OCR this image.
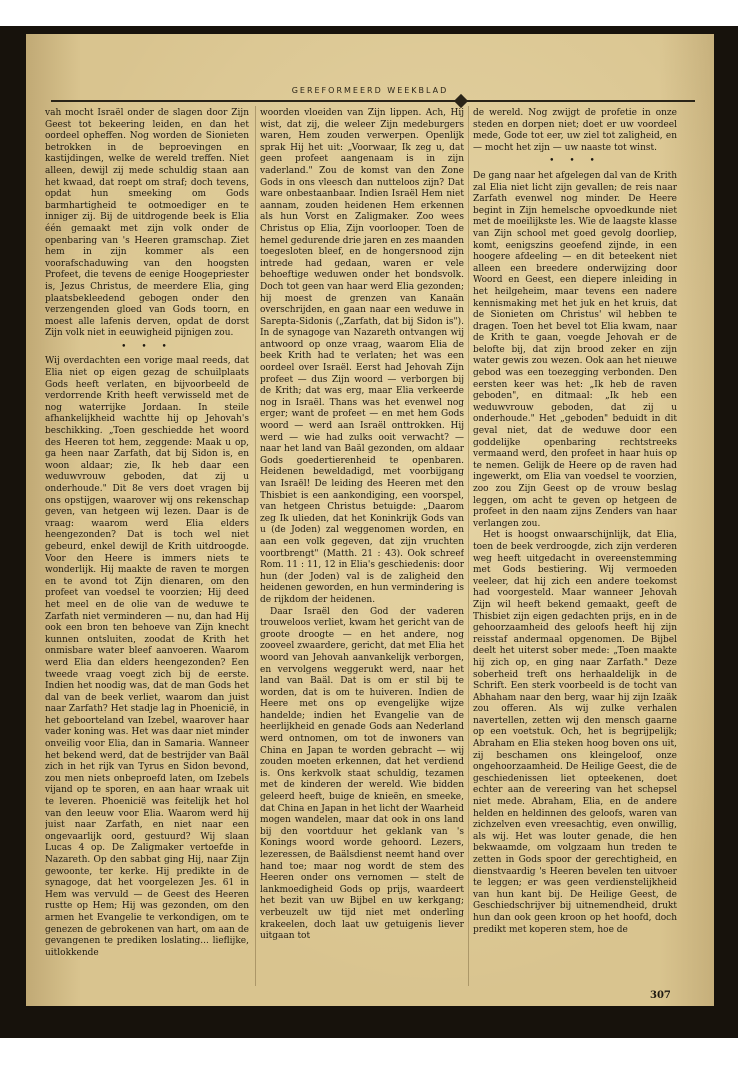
GEREFORMEERD WEEKBLAD

vah mocht Israël onder de slagen door Zijn Geest tot bekeering leiden, en dan het oordeel opheffen. Nog worden de Sionieten betrokken in de beproevingen en kastijdingen, welke de wereld treffen. Niet alleen, dewijl zij mede schuldig staan aan het kwaad, dat roept om straf; doch tevens, opdat hun smeeking om Gods barmhartigheid te ootmoediger en te inniger zij. Bij de uitdrogende beek is Elia één gemaakt met zijn volk onder de openbaring van 's Heeren gramschap. Ziet hem in zijn kommer als een voorafschaduwing van den hoogsten Profeet, die tevens de eenige Hoogepriester is, Jezus Christus, de meerdere Elia, ging plaatsbekleedend gebogen onder den verzengenden gloed van Gods toorn, en moest alle lafenis derven, opdat de dorst Zijn volk niet in eeuwigheid pijnigen zou.

• • •

Wij overdachten een vorige maal reeds, dat Elia niet op eigen gezag de schuilplaats Gods heeft verlaten, en bijvoorbeeld de verdorrende Krith heeft verwisseld met de nog waterrijke Jordaan. In steile afhankelijkheid wachtte hij op Jehovah's beschikking. „Toen geschiedde het woord des Heeren tot hem, zeggende: Maak u op, ga heen naar Zarfath, dat bij Sidon is, en woon aldaar; zie, Ik heb daar een weduwvrouw geboden, dat zij u onderhoude." Dit 8e vers doet vragen bij ons opstijgen, waarover wij ons rekenschap geven, van hetgeen wij lezen. Daar is de vraag: waarom werd Elia elders heengezonden? Dat is toch wel niet gebeurd, enkel dewijl de Krith uitdroogde. Voor den Heere is immers niets te wonderlijk. Hij maakte de raven te morgen en te avond tot Zijn dienaren, om den profeet van voedsel te voorzien; Hij deed het meel en de olie van de weduwe te Zarfath niet verminderen — nu, dan had Hij ook een bron ten behoeve van Zijn knecht kunnen ontsluiten, zoodat de Krith het onmisbare water bleef aanvoeren. Waarom werd Elia dan elders heengezonden? Een tweede vraag voegt zich bij de eerste. Indien het noodig was, dat de man Gods het dal van de beek verliet, waarom dan juist naar Zarfath? Het stadje lag in Phoenicië, in het geboorteland van Izebel, waarover haar vader koning was. Het was daar niet minder onveilig voor Elia, dan in Samaria. Wanneer het bekend werd, dat de bestrijder van Baäl zich in het rijk van Tyrus en Sidon bevond, zou men niets onbeproefd laten, om Izebels vijand op te sporen, en aan haar wraak uit te leveren. Phoenicië was feitelijk het hol van den leeuw voor Elia. Waarom werd hij juist naar Zarfath, en niet naar een ongevaarlijk oord, gestuurd? Wij slaan Lucas 4 op. De Zaligmaker vertoefde in Nazareth. Op den sabbat ging Hij, naar Zijn gewoonte, ter kerke. Hij predikte in de synagoge, dat het voorgelezen Jes. 61 in Hem was vervuld — de Geest des Heeren rustte op Hem; Hij was gezonden, om den armen het Evangelie te verkondigen, om te genezen de gebrokenen van hart, om aan de gevangenen te prediken loslating... lieflijke, uitlokkende

woorden vloeiden van Zijn lippen. Ach, Hij wist, dat zij, die weleer Zijn medeburgers waren, Hem zouden verwerpen. Openlijk sprak Hij het uit: „Voorwaar, Ik zeg u, dat geen profeet aangenaam is in zijn vaderland." Zou de komst van den Zone Gods in ons vleesch dan nutteloos zijn? Dat ware onbestaanbaar. Indien Israël Hem niet aannam, zouden heidenen Hem erkennen als hun Vorst en Zaligmaker. Zoo wees Christus op Elia, Zijn voorlooper. Toen de hemel gedurende drie jaren en zes maanden toegesloten bleef, en de hongersnood zijn intrede had gedaan, waren er vele behoeftige weduwen onder het bondsvolk. Doch tot geen van haar werd Elia gezonden; hij moest de grenzen van Kanaän overschrijden, en gaan naar een weduwe in Sarepta-Sidonis („Zarfath, dat bij Sidon is"). In de synagoge van Nazareth ontvangen wij antwoord op onze vraag, waarom Elia de beek Krith had te verlaten; het was een oordeel over Israël. Eerst had Jehovah Zijn profeet — dus Zijn woord — verborgen bij de Krith; dat was erg, maar Elia verkeerde nog in Israël. Thans was het evenwel nog erger; want de profeet — en met hem Gods woord — werd aan Israël onttrokken. Hij werd — wie had zulks ooit verwacht? — naar het land van Baäl gezonden, om aldaar Gods goedertierenheid te openbaren. Heidenen beweldadigd, met voorbijgang van Israël! De leiding des Heeren met den Thisbiet is een aankondiging, een voorspel, van hetgeen Christus betuigde: „Daarom zeg Ik ulieden, dat het Koninkrijk Gods van u (de Joden) zal weggenomen worden, en aan een volk gegeven, dat zijn vruchten voortbrengt" (Matth. 21 : 43). Ook schreef Rom. 11 : 11, 12 in Elia's geschiedenis: door hun (der Joden) val is de zaligheid den heidenen geworden, en hun vermindering is de rijkdom der heidenen.

Daar Israël den God der vaderen trouweloos verliet, kwam het gericht van de groote droogte — en het andere, nog zooveel zwaardere, gericht, dat met Elia het woord van Jehovah aanvankelijk verborgen, en vervolgens weggerukt werd, naar het land van Baäl. Dat is om er stil bij te worden, dat is om te huiveren. Indien de Heere met ons op evengelijke wijze handelde; indien het Evangelie van de heerlijkheid en genade Gods aan Nederland werd ontnomen, om tot de inwoners van China en Japan te worden gebracht — wij zouden moeten erkennen, dat het verdiend is. Ons kerkvolk staat schuldig, tezamen met de kinderen der wereld. Wie bidden geleerd heeft, buige de knieën, en smeeke, dat China en Japan in het licht der Waarheid mogen wandelen, maar dat ook in ons land bij den voortduur het geklank van 's Konings woord worde gehoord. Lezers, lezeressen, de Baälsdienst neemt hand over hand toe; maar nog wordt de stem des Heeren onder ons vernomen — stelt de lankmoedigheid Gods op prijs, waardeert het bezit van uw Bijbel en uw kerkgang; verbeuzelt uw tijd niet met onderling krakeelen, doch laat uw getuigenis liever uitgaan tot

de wereld. Nog zwijgt de profetie in onze steden en dorpen niet; doet er uw voordeel mede, Gode tot eer, uw ziel tot zaligheid, en — mocht het zijn — uw naaste tot winst.

• • •

De gang naar het afgelegen dal van de Krith zal Elia niet licht zijn gevallen; de reis naar Zarfath evenwel nog minder. De Heere begint in Zijn hemelsche opvoedkunde niet met de moeilijkste les. Wie de laagste klasse van Zijn school met goed gevolg doorliep, komt, eenigszins geoefend zijnde, in een hoogere afdeeling — en dit beteekent niet alleen een breedere onderwijzing door Woord en Geest, een diepere inleiding in het heilgeheim, maar tevens een nadere kennismaking met het juk en het kruis, dat de Sionieten om Christus' wil hebben te dragen. Toen het bevel tot Elia kwam, naar de Krith te gaan, voegde Jehovah er de belofte bij, dat zijn brood zeker en zijn water gewis zou wezen. Ook aan het nieuwe gebod was een toezegging verbonden. Den eersten keer was het: „Ik heb de raven geboden", en ditmaal: „Ik heb een weduwvrouw geboden, dat zij u onderhoude." Het „geboden" beduidt in dit geval niet, dat de weduwe door een goddelijke openbaring rechtstreeks vermaand werd, den profeet in haar huis op te nemen. Gelijk de Heere op de raven had ingewerkt, om Elia van voedsel te voorzien, zoo zou Zijn Geest op de vrouw beslag leggen, om acht te geven op hetgeen de profeet in den naam zijns Zenders van haar verlangen zou.

Het is hoogst onwaarschijnlijk, dat Elia, toen de beek verdroogde, zich zijn verderen weg heeft uitgedacht in overeenstemming met Gods bestiering. Wij vermoeden veeleer, dat hij zich een andere toekomst had voorgesteld. Maar wanneer Jehovah Zijn wil heeft bekend gemaakt, geeft de Thisbiet zijn eigen gedachten prijs, en in de gehoorzaamheid des geloofs heeft hij zijn reisstaf andermaal opgenomen. De Bijbel deelt het uiterst sober mede: „Toen maakte hij zich op, en ging naar Zarfath." Deze soberheid treft ons herhaaldelijk in de Schrift. Een sterk voorbeeld is de tocht van Abhaham naar den berg, waar hij zijn Izaäk zou offeren. Als wij zulke verhalen navertellen, zetten wij den mensch gaarne op een voetstuk. Och, het is begrijpelijk; Abraham en Elia steken hoog boven ons uit, zij beschamen ons kleingeloof, onze ongehoorzaamheid. De Heilige Geest, die de geschiedenissen liet opteekenen, doet echter aan de vereering van het schepsel niet mede. Abraham, Elia, en de andere helden en heldinnen des geloofs, waren van zichzelven even vreesachtig, even onwillig, als wij. Het was louter genade, die hen bekwaamde, om volgzaam hun treden te zetten in Gods spoor der gerechtigheid, en dienstvaardig 's Heeren bevelen ten uitvoer te leggen; er was geen verdienstelijkheid van hun kant bij. De Heilige Geest, de Geschiedschrijver bij uitnemendheid, drukt hun dan ook geen kroon op het hoofd, doch predikt met koperen stem, hoe de

307
